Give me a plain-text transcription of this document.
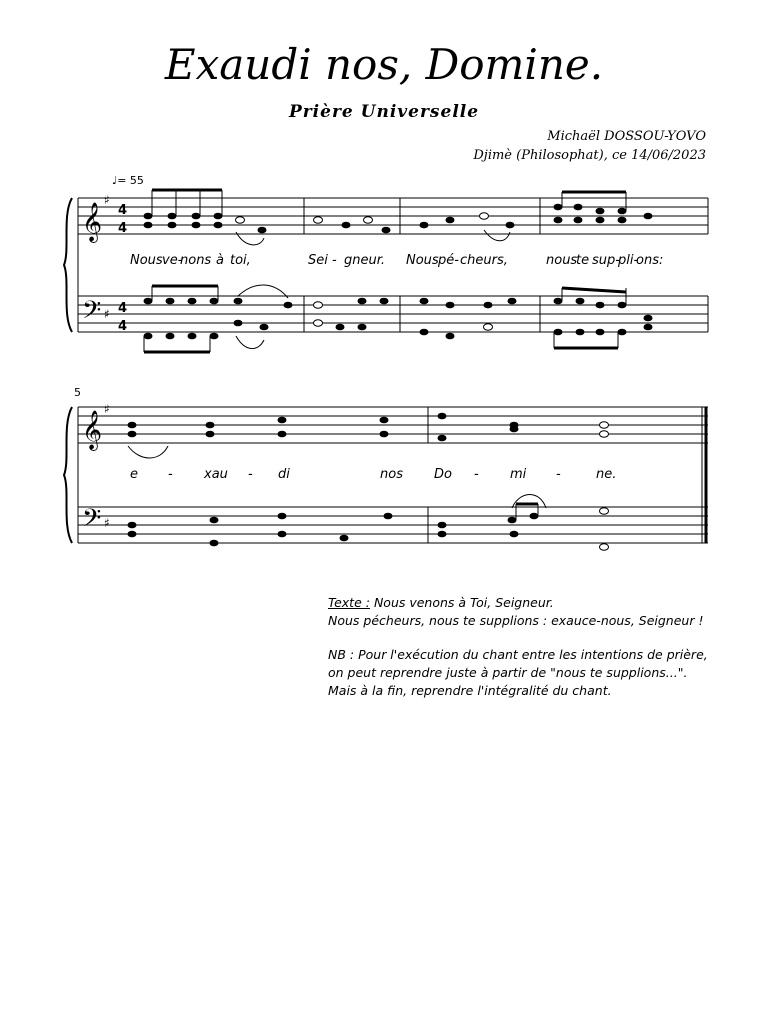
Exaudi nos, Domine.
Prière Universelle
Michaël DOSSOU-YOVO
Djimè (Philosophat), ce 14/06/2023
♩= 55
5
𝄞
𝄢
𝄞
𝄢
♯
♯
♯
♯
4
4
4
4
Nous ve-
nons à toi,	Sei - gneur. Nous pé- cheurs,	nous
te sup-
pli-
ons:
e - xau - di	nos Do - mi -	ne.
Texte : Nous venons à Toi, Seigneur.
Nous pécheurs, nous te supplions : exauce-nous, Seigneur !
NB : Pour l'exécution du chant entre les intentions de prière,
on peut reprendre juste à partir de "nous te supplions...".
Mais à la fin, reprendre l'intégralité du chant.
